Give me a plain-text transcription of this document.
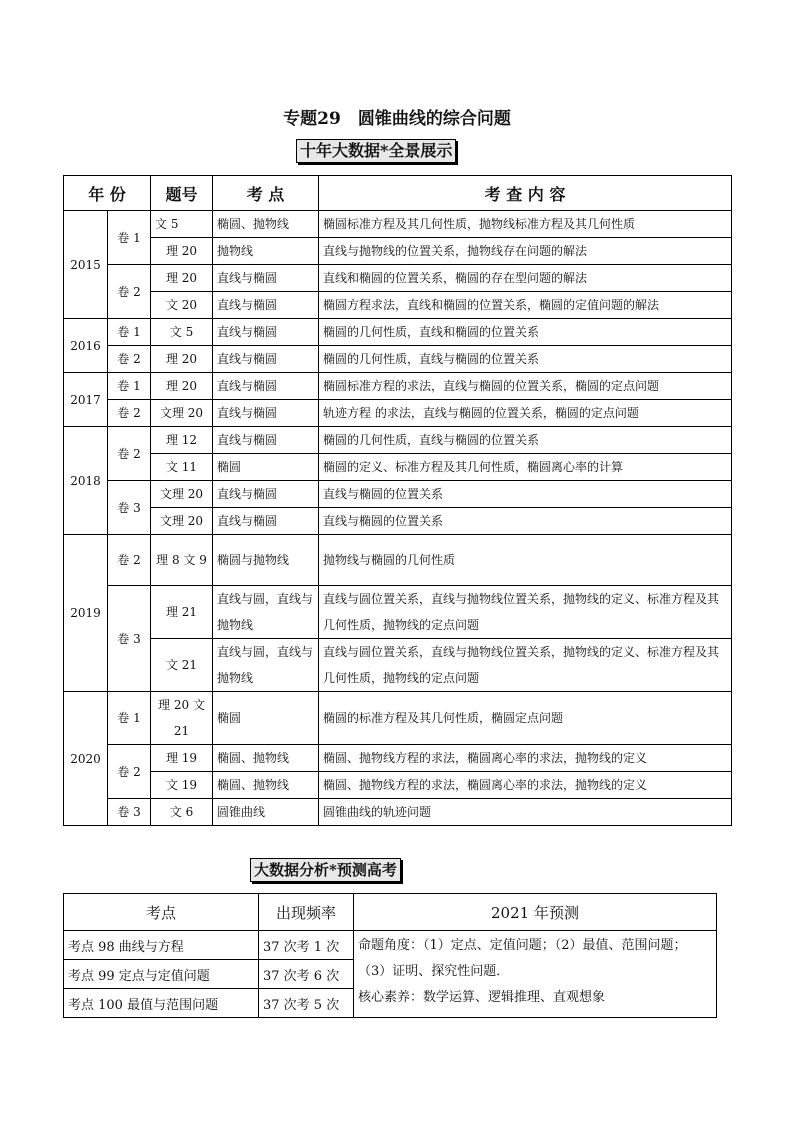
专题29　圆锥曲线的综合问题
十年大数据*全景展示
年 份		题号	考 点	考 查 内 容
2015	卷 1	文 5	椭圆、抛物线	椭圆标准方程及其几何性质，抛物线标准方程及其几何性质
		理 20	抛物线	直线与抛物线的位置关系，抛物线存在问题的解法
	卷 2	理 20	直线与椭圆	直线和椭圆的位置关系，椭圆的存在型问题的解法
		文 20	直线与椭圆	椭圆方程求法，直线和椭圆的位置关系，椭圆的定值问题的解法
2016	卷 1	文 5	直线与椭圆	椭圆的几何性质，直线和椭圆的位置关系
	卷 2	理 20	直线与椭圆	椭圆的几何性质，直线与椭圆的位置关系
2017	卷 1	理 20	直线与椭圆	椭圆标准方程的求法，直线与椭圆的位置关系，椭圆的定点问题
	卷 2	文理 20	直线与椭圆	轨迹方程 的求法，直线与椭圆的位置关系，椭圆的定点问题
2018	卷 2	理 12	直线与椭圆	椭圆的几何性质，直线与椭圆的位置关系
		文 11	椭圆	椭圆的定义、标准方程及其几何性质，椭圆离心率的计算
	卷 3	文理 20	直线与椭圆	直线与椭圆的位置关系
		文理 20	直线与椭圆	直线与椭圆的位置关系
2019	卷 2	理 8 文 9	椭圆与抛物线	抛物线与椭圆的几何性质
	卷 3	理 21	直线与圆，直线与抛物线	直线与圆位置关系，直线与抛物线位置关系，抛物线的定义、标准方程及其几何性质，抛物线的定点问题
		文 21	直线与圆，直线与抛物线	直线与圆位置关系，直线与抛物线位置关系，抛物线的定义、标准方程及其几何性质，抛物线的定点问题
2020	卷 1	理 20 文 21	椭圆	椭圆的标准方程及其几何性质，椭圆定点问题
	卷 2	理 19	椭圆、抛物线	椭圆、抛物线方程的求法，椭圆离心率的求法，抛物线的定义
		文 19	椭圆、抛物线	椭圆、抛物线方程的求法，椭圆离心率的求法，抛物线的定义
	卷 3	文 6	圆锥曲线	圆锥曲线的轨迹问题
大数据分析*预测高考
考点	出现频率	2021 年预测
考点 98 曲线与方程	37 次考 1 次	命题角度：（1）定点、定值问题；（2）最值、范围问题；
（3）证明、探究性问题．
核心素养：数学运算、逻辑推理、直观想象

考点 99 定点与定值问题	37 次考 6 次	
考点 100 最值与范围问题	37 次考 5 次	
